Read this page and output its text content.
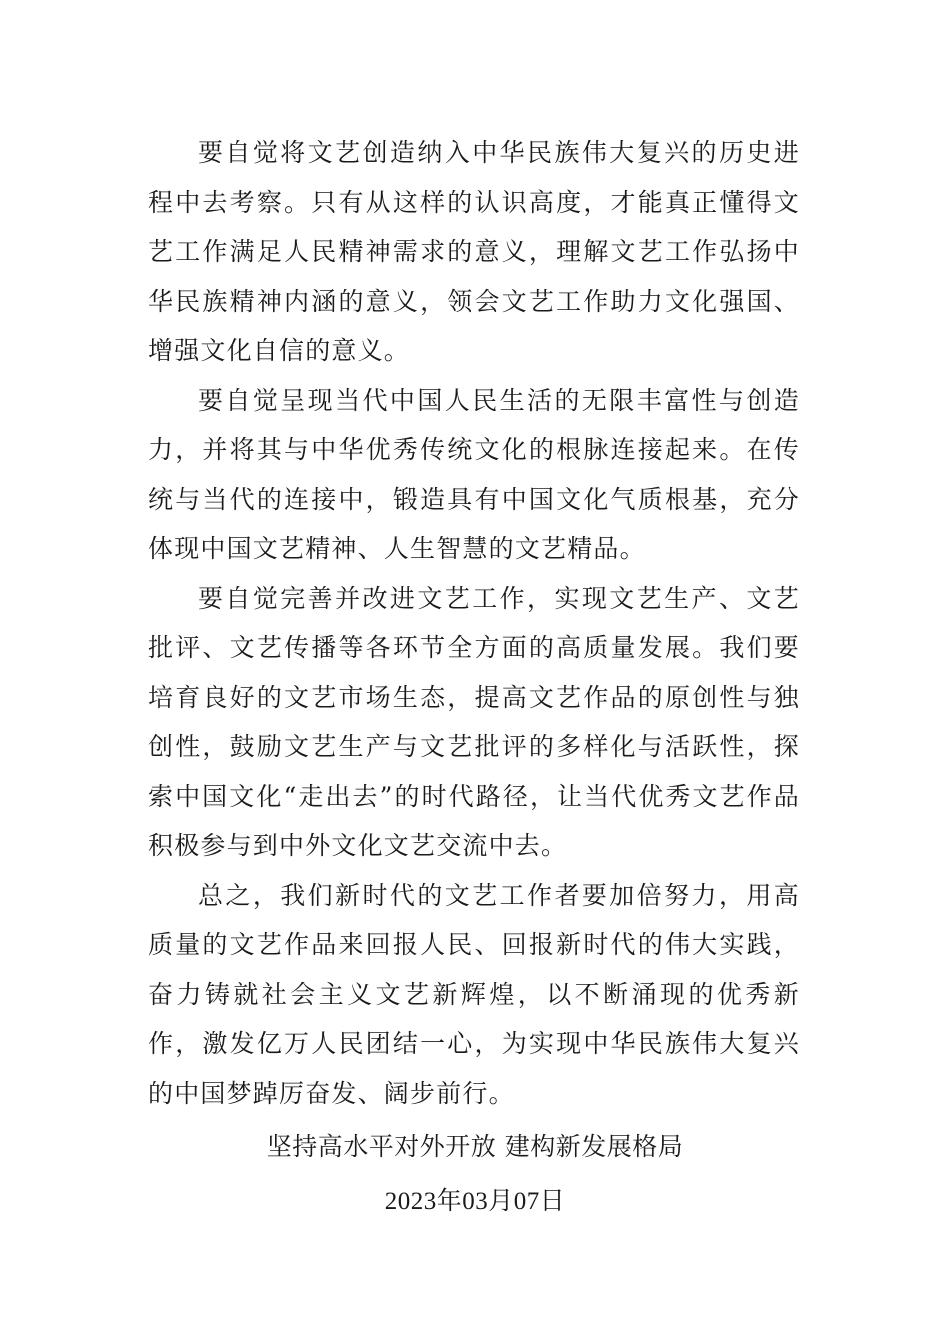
要自觉将文艺创造纳入中华民族伟大复兴的历史进程中去考察。只有从这样的认识高度，才能真正懂得文艺工作满足人民精神需求的意义，理解文艺工作弘扬中华民族精神内涵的意义，领会文艺工作助力文化强国、增强文化自信的意义。

要自觉呈现当代中国人民生活的无限丰富性与创造力，并将其与中华优秀传统文化的根脉连接起来。在传统与当代的连接中，锻造具有中国文化气质根基，充分体现中国文艺精神、人生智慧的文艺精品。

要自觉完善并改进文艺工作，实现文艺生产、文艺批评、文艺传播等各环节全方面的高质量发展。我们要培育良好的文艺市场生态，提高文艺作品的原创性与独创性，鼓励文艺生产与文艺批评的多样化与活跃性，探索中国文化“走出去”的时代路径，让当代优秀文艺作品积极参与到中外文化文艺交流中去。

总之，我们新时代的文艺工作者要加倍努力，用高质量的文艺作品来回报人民、回报新时代的伟大实践，奋力铸就社会主义文艺新辉煌，以不断涌现的优秀新作，激发亿万人民团结一心，为实现中华民族伟大复兴的中国梦踔厉奋发、阔步前行。

坚持高水平对外开放 建构新发展格局
2023年03月07日
